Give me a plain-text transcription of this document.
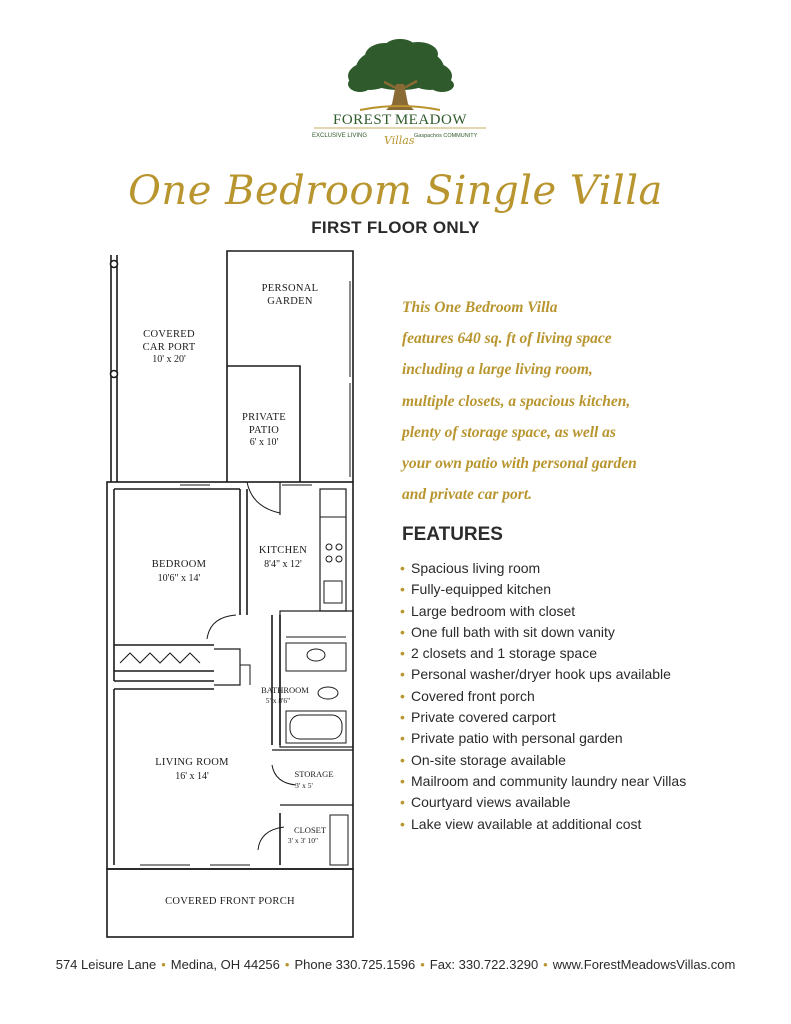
FOREST MEADOW
EXCLUSIVE LIVING Villas Gaspachos COMMUNITY
One Bedroom Single Villa
FIRST FLOOR ONLY
PERSONAL
GARDEN
COVERED
CAR PORT
10' x 20'
PRIVATE
PATIO
6' x 10'
BEDROOM
10'6" x 14'
KITCHEN
8'4" x 12'
BATHROOM
5' x 8'6"
LIVING ROOM
16' x 14'	STORAGE
3' x 5'
CLOSET
3' x 3' 10"
COVERED FRONT PORCH
This One Bedroom Villa
features 640 sq. ft of living space
including a large living room,
multiple closets, a spacious kitchen,
plenty of storage space, as well as
your own patio with personal garden
and private car port.
FEATURES
• Spacious living room
• Fully-equipped kitchen
• Large bedroom with closet
• One full bath with sit down vanity
• 2 closets and 1 storage space
• Personal washer/dryer hook ups available
• Covered front porch
• Private covered carport
• Private patio with personal garden
• On-site storage available
• Mailroom and community laundry near Villas
• Courtyard views available
• Lake view available at additional cost
574 Leisure Lane • Medina, OH 44256 • Phone 330.725.1596 • Fax: 330.722.3290 • www.ForestMeadowsVillas.com
